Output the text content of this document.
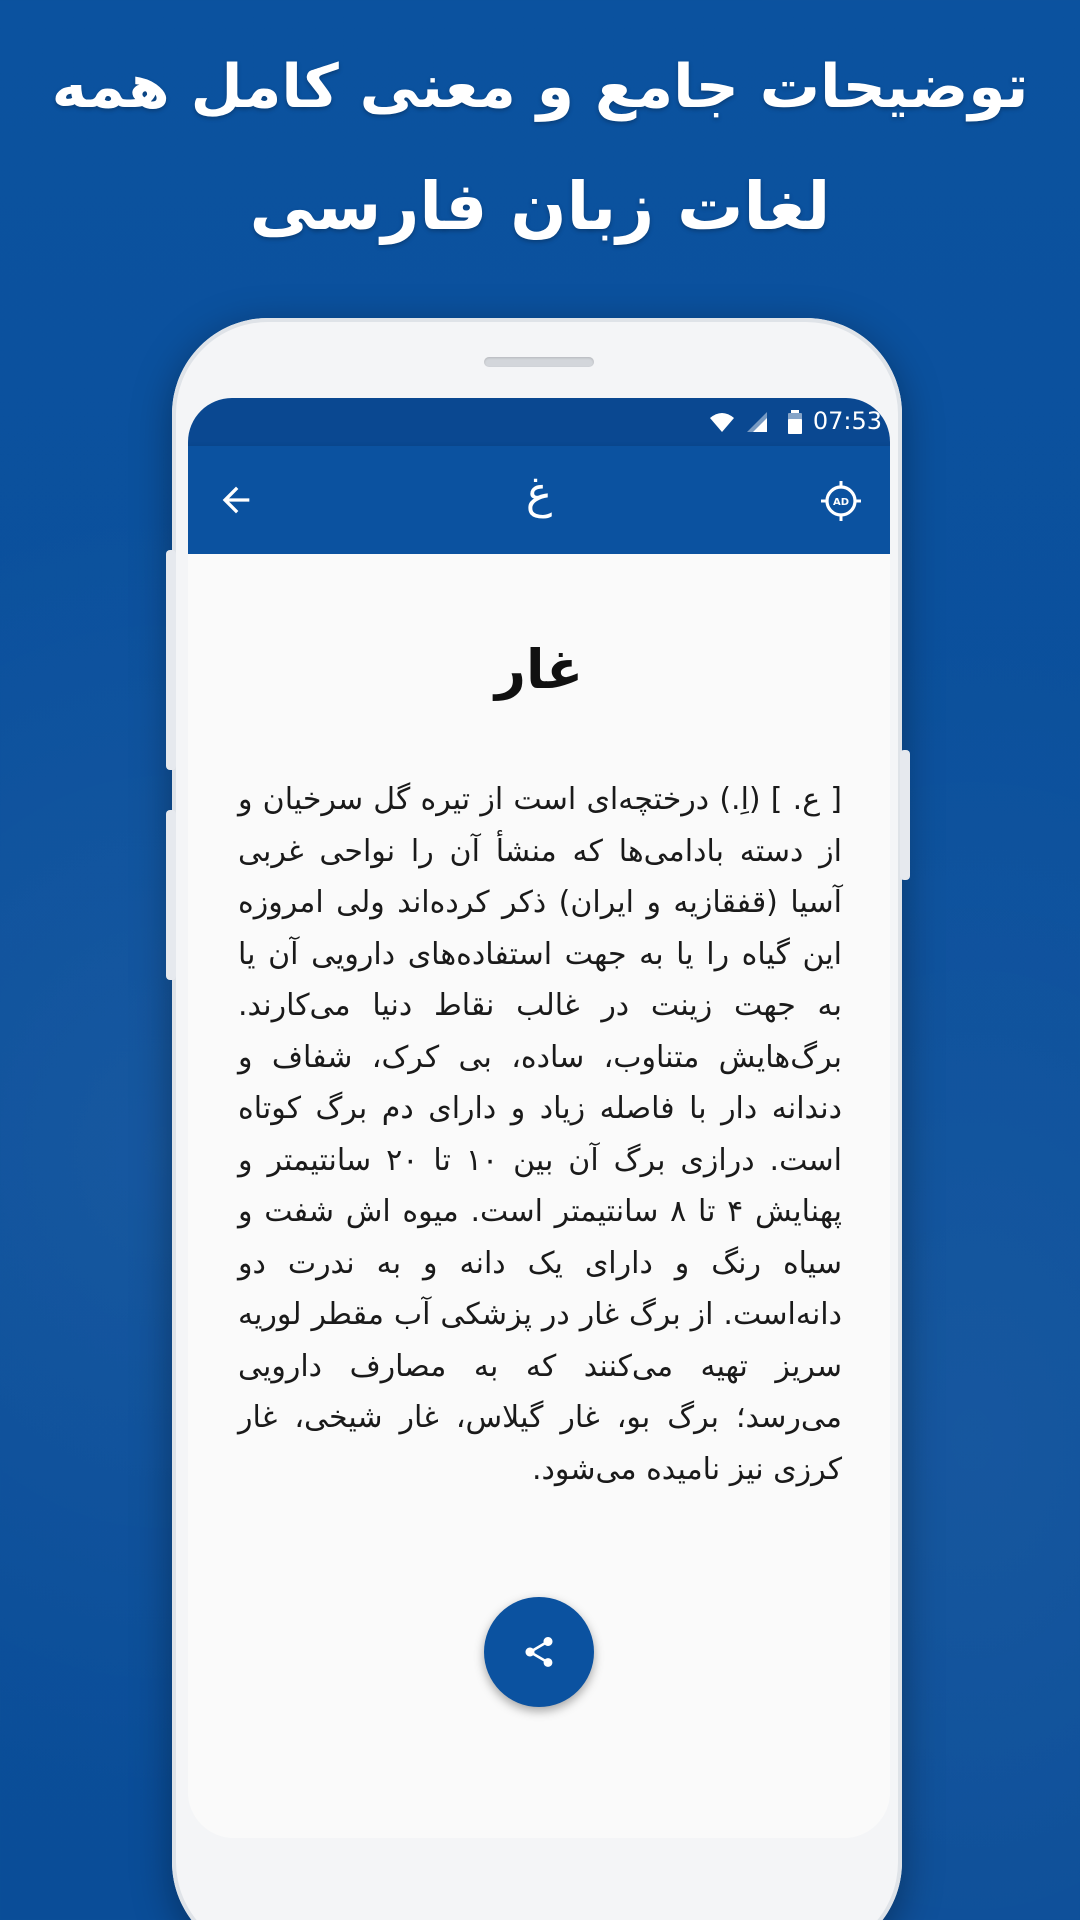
توضیحات جامع و معنی کامل همه
لغات زبان فارسی
07:53
غ	AD
غار

[ ع. ] (اِ.) درختچه‌ای است از تیره گل سرخیان و از دسته بادامی‌ها که منشأ آن را نواحی غربی آسیا (قفقازیه و ایران) ذکر کرده‌اند ولی امروزه این گیاه را یا به جهت استفاده‌های دارویی آن یا به جهت زینت در غالب نقاط دنیا می‌کارند. برگ‌هایش متناوب، ساده، بی کرک، شفاف و دندانه دار با فاصله زیاد و دارای دم برگ کوتاه است. درازی برگ آن بین ۱۰ تا ۲۰ سانتیمتر و پهنایش ۴ تا ۸ سانتیمتر است. میوه اش شفت و سیاه رنگ و دارای یک دانه و به ندرت دو دانه‌است. از برگ غار در پزشکی آب مقطر لوریه سریز تهیه می‌کنند که به مصارف دارویی می‌رسد؛ برگ بو، غار گیلاس، غار شیخی، غار کرزی نیز نامیده می‌شود.
